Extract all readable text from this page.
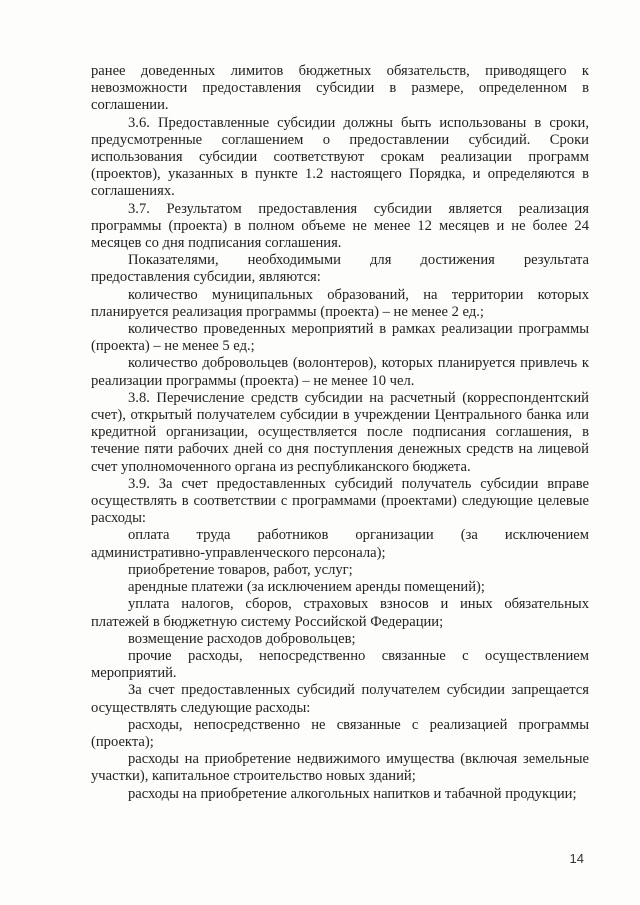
ранее доведенных лимитов бюджетных обязательств, приводящего к невозможности предоставления субсидии в размере, определенном в соглашении.

3.6. Предоставленные субсидии должны быть использованы в сроки, предусмотренные соглашением о предоставлении субсидий. Сроки использования субсидии соответствуют срокам реализации программ (проектов), указанных в пункте 1.2 настоящего Порядка, и определяются в соглашениях.

3.7. Результатом предоставления субсидии является реализация программы (проекта) в полном объеме не менее 12 месяцев и не более 24 месяцев со дня подписания соглашения.

Показателями, необходимыми для достижения результата предоставления субсидии, являются:

количество муниципальных образований, на территории которых планируется реализация программы (проекта) – не менее 2 ед.;

количество проведенных мероприятий в рамках реализации программы (проекта) – не менее 5 ед.;

количество добровольцев (волонтеров), которых планируется привлечь к реализации программы (проекта) – не менее 10 чел.

3.8. Перечисление средств субсидии на расчетный (корреспондентский счет), открытый получателем субсидии в учреждении Центрального банка или кредитной организации, осуществляется после подписания соглашения, в течение пяти рабочих дней со дня поступления денежных средств на лицевой счет уполномоченного органа из республиканского бюджета.

3.9. За счет предоставленных субсидий получатель субсидии вправе осуществлять в соответствии с программами (проектами) следующие целевые расходы:

оплата труда работников организации (за исключением административно-управленческого персонала);

приобретение товаров, работ, услуг;

арендные платежи (за исключением аренды помещений);

уплата налогов, сборов, страховых взносов и иных обязательных платежей в бюджетную систему Российской Федерации;

возмещение расходов добровольцев;

прочие расходы, непосредственно связанные с осуществлением мероприятий.

За счет предоставленных субсидий получателем субсидии запрещается осуществлять следующие расходы:

расходы, непосредственно не связанные с реализацией программы (проекта);

расходы на приобретение недвижимого имущества (включая земельные участки), капитальное строительство новых зданий;

расходы на приобретение алкогольных напитков и табачной продукции;

14
